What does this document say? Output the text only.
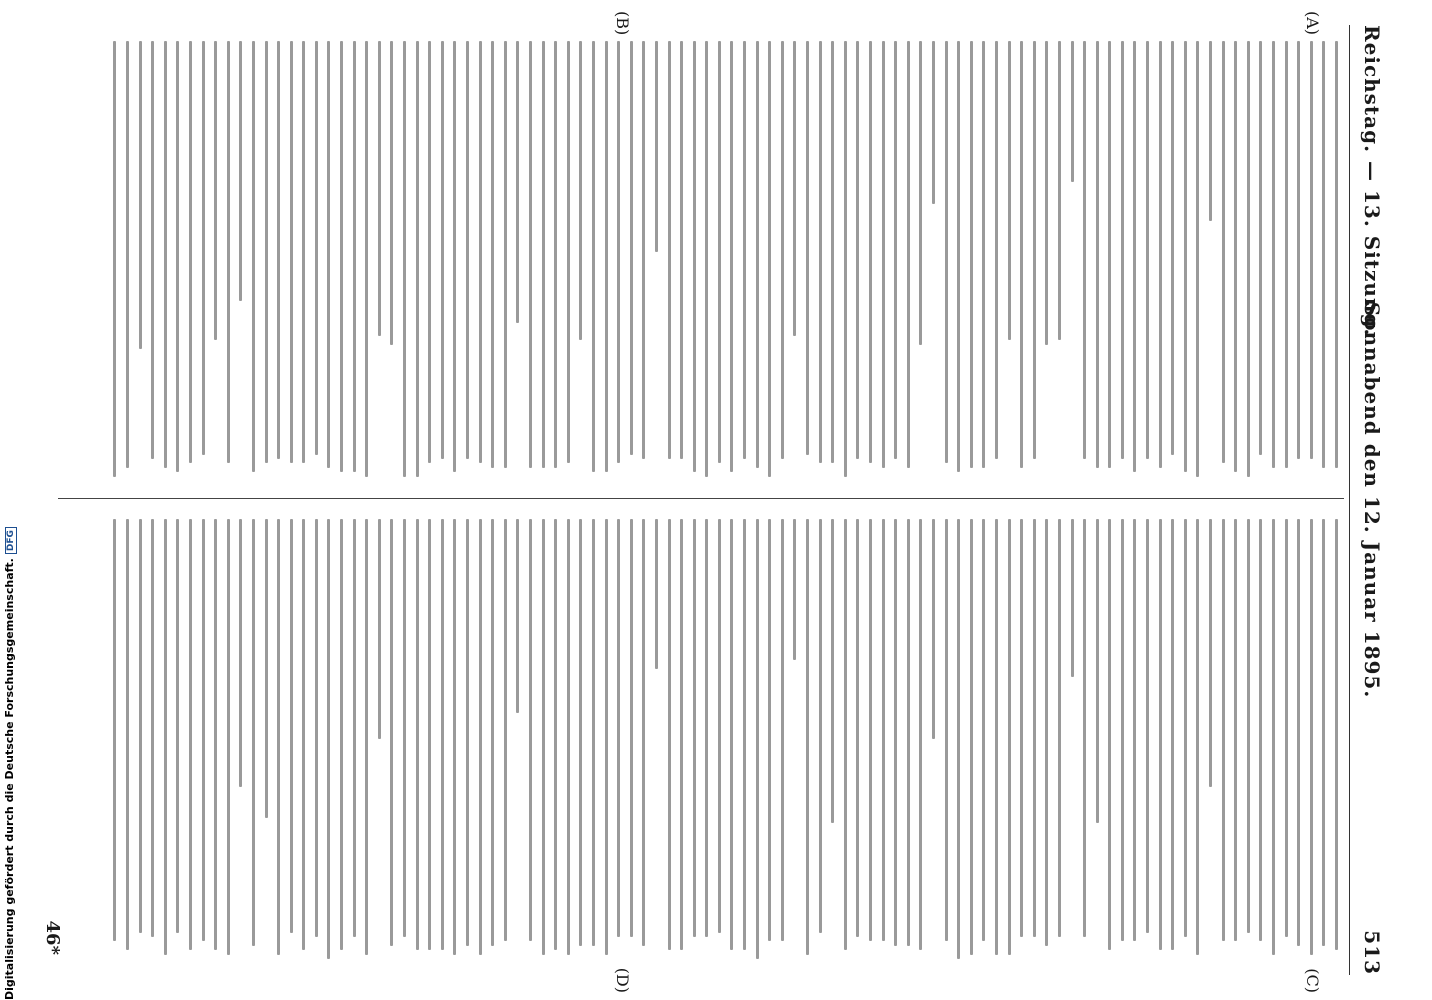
Reichstag. — 13. Sitzung.
Sonnabend den 12. Januar 1895.
513
(A)
(B)
(C)
(D)
46*
Digitalisierung gefördert durch die Deutsche Forschungsgemeinschaft.DFG
